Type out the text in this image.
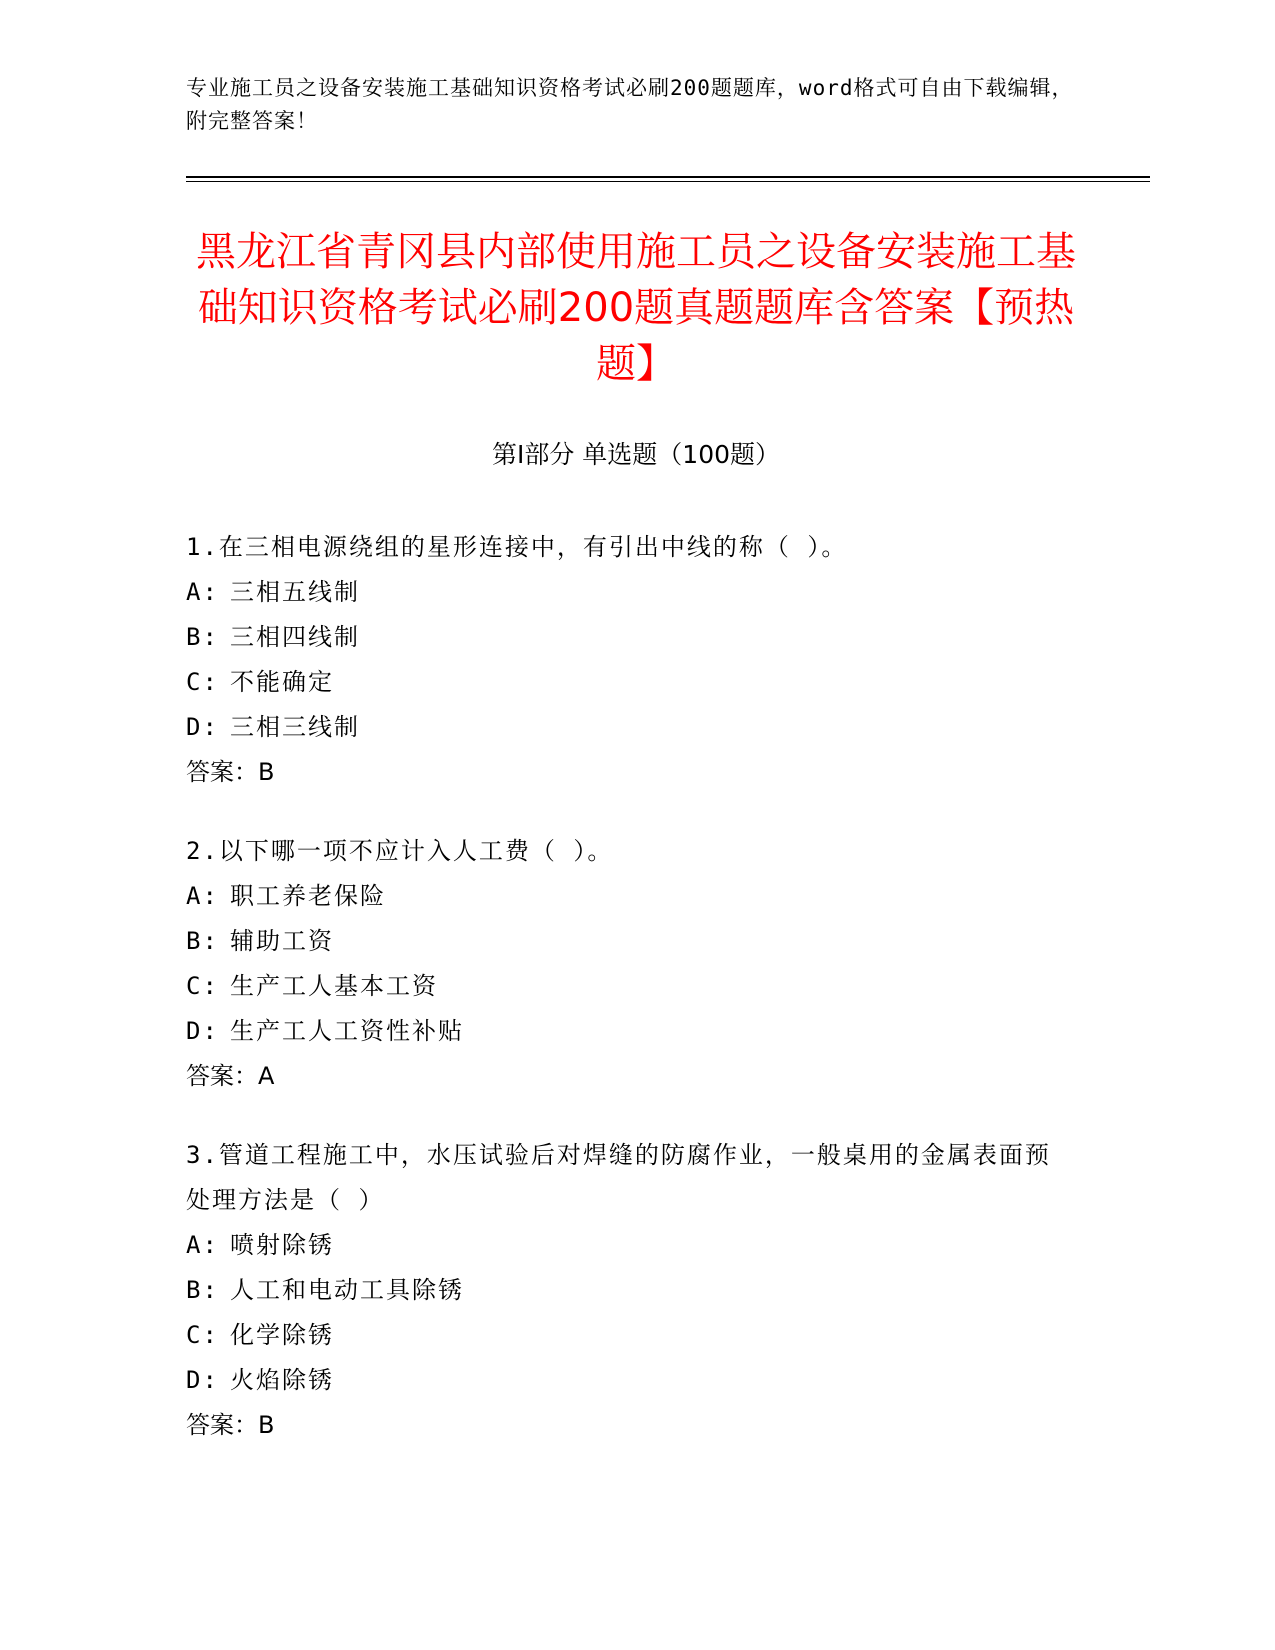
专业施工员之设备安装施工基础知识资格考试必刷200题题库，word格式可自由下载编辑，附完整答案！
黑龙江省青冈县内部使用施工员之设备安装施工基础知识资格考试必刷200题真题题库含答案【预热题】
第Ⅰ部分 单选题（100题）
1.在三相电源绕组的星形连接中，有引出中线的称（ ）。
A: 三相五线制
B: 三相四线制
C: 不能确定
D: 三相三线制
答案：B
2.以下哪一项不应计入人工费（ ）。
A: 职工养老保险
B: 辅助工资
C: 生产工人基本工资
D: 生产工人工资性补贴
答案：A
3.管道工程施工中，水压试验后对焊缝的防腐作业，一般桌用的金属表面预处理方法是（ ）
A: 喷射除锈
B: 人工和电动工具除锈
C: 化学除锈
D: 火焰除锈
答案：B
